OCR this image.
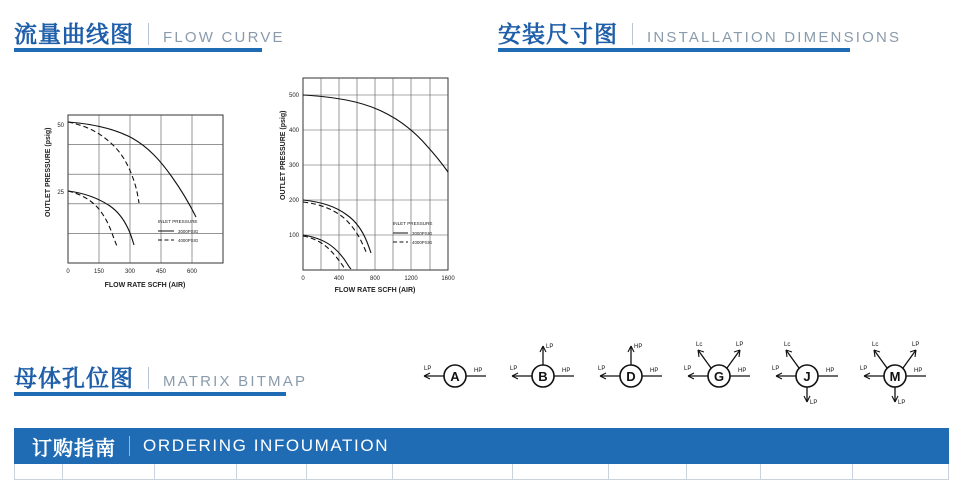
流量曲线图 FLOW CURVE	安装尺寸图 INSTALLATION DIMENSIONS
母体孔位图 MATRIX BITMAP
OUTLET PRESSURE (psig)
50
25
0	150	300	450	600
FLOW RATE SCFH (AIR)
INLET PRESSURE
3000PSIG
4000PSIG
OUTLET PRESSURE (psig)
500
400
300
200
100
0	400	800	1200	1600
FLOW RATE SCFH (AIR)
INLET PRESSURE
3000PSIG
4000PSIG
A
LP	HP	B
LP
LP
HP	D
LP
HP
HP	G
LP
Lc	LP
HP	J
LP
Lc
HP
LP
M
Lc	LP
LP	HP
LP
订购指南 ORDERING INFOUMATION
